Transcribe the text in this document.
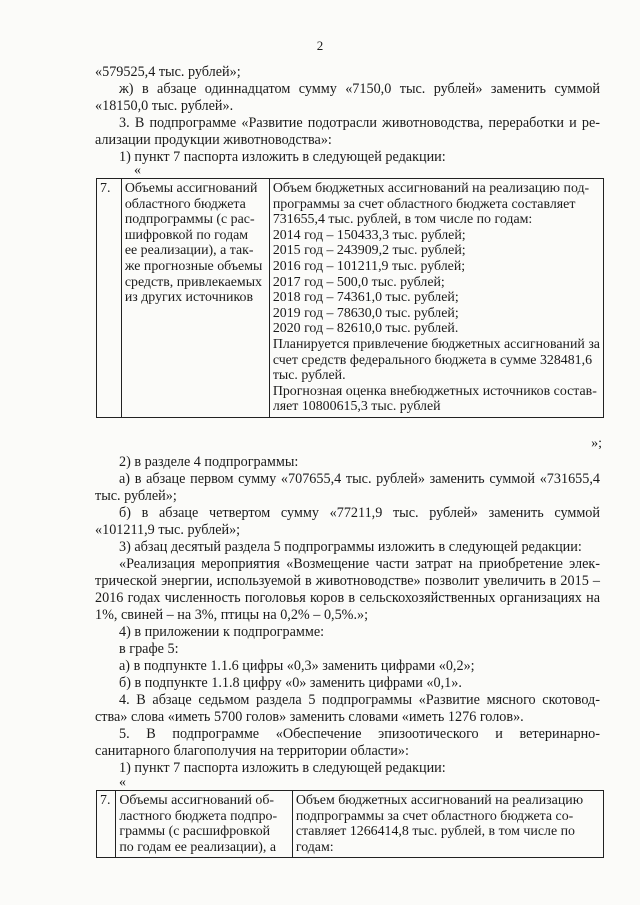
2
«579525,4 тыс. рублей»;
ж) в абзаце одиннадцатом сумму «7150,0 тыс. рублей» заменить суммой
«18150,0 тыс. рублей».
3. В подпрограмме «Развитие подотрасли животноводства, переработки и ре-
ализации продукции животноводства»:
1) пункт 7 паспорта изложить в следующей редакции:
«
7.	Объемы ассигнований
областного бюджета
подпрограммы (с рас-
шифровкой по годам
ее реализации), а так-
же прогнозные объемы
средств, привлекаемых
из других источников

Объем бюджетных ассигнований на реализацию под-
программы за счет областного бюджета составляет
731655,4 тыс. рублей, в том числе по годам:
2014 год – 150433,3 тыс. рублей;
2015 год – 243909,2 тыс. рублей;
2016 год – 101211,9 тыс. рублей;
2017 год – 500,0 тыс. рублей;
2018 год – 74361,0 тыс. рублей;
2019 год – 78630,0 тыс. рублей;
2020 год – 82610,0 тыс. рублей.
Планируется привлечение бюджетных ассигнований за
счет средств федерального бюджета в сумме 328481,6
тыс. рублей.
Прогнозная оценка внебюджетных источников состав-
ляет 10800615,3 тыс. рублей
»;
2) в разделе 4 подпрограммы:
а) в абзаце первом сумму «707655,4 тыс. рублей» заменить суммой «731655,4
тыс. рублей»;
б) в абзаце четвертом сумму «77211,9 тыс. рублей» заменить суммой
«101211,9 тыс. рублей»;
3) абзац десятый раздела 5 подпрограммы изложить в следующей редакции:
«Реализация мероприятия «Возмещение части затрат на приобретение элек-
трической энергии, используемой в животноводстве» позволит увеличить в 2015 –
2016 годах численность поголовья коров в сельскохозяйственных организациях на
1%, свиней – на 3%, птицы на 0,2% – 0,5%.»;
4) в приложении к подпрограмме:
в графе 5:
а) в подпункте 1.1.6 цифры «0,3» заменить цифрами «0,2»;
б) в подпункте 1.1.8 цифру «0» заменить цифрами «0,1».
4. В абзаце седьмом раздела 5 подпрограммы «Развитие мясного скотовод-
ства» слова «иметь 5700 голов» заменить словами «иметь 1276 голов».
5. В подпрограмме «Обеспечение эпизоотического и ветеринарно-
санитарного благополучия на территории области»:
1) пункт 7 паспорта изложить в следующей редакции:
«
7.	Объемы ассигнований об-
ластного бюджета подпро-
граммы (с расшифровкой
по годам ее реализации), а

Объем бюджетных ассигнований на реализацию
подпрограммы за счет областного бюджета со-
ставляет 1266414,8 тыс. рублей, в том числе по
годам:
